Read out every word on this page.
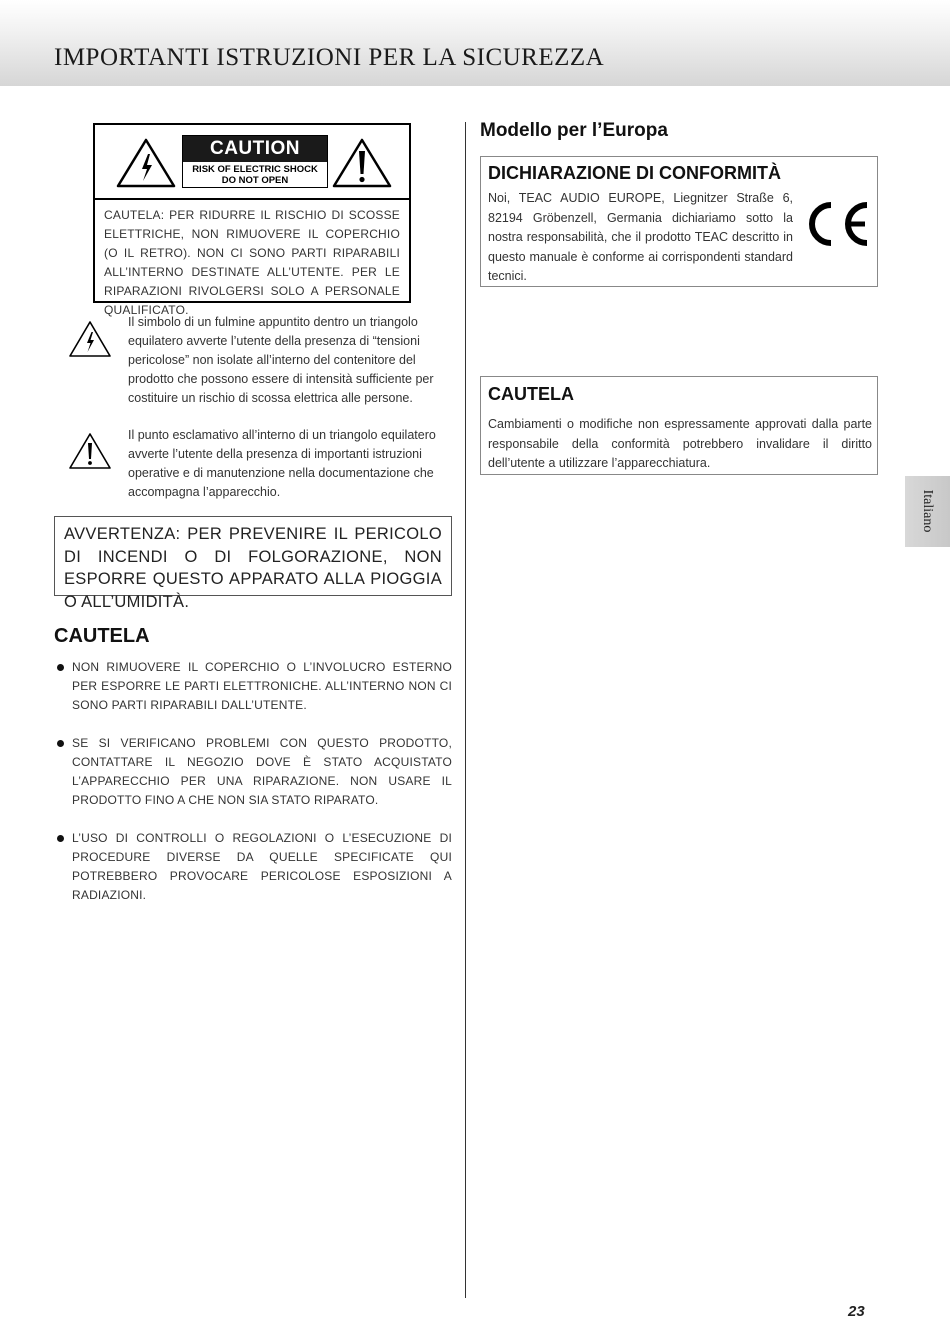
IMPORTANTI ISTRUZIONI PER LA SICUREZZA
CAUTION
RISK OF ELECTRIC SHOCK
DO NOT OPEN

CAUTELA: PER RIDURRE IL RISCHIO DI SCOSSE ELETTRICHE, NON RIMUOVERE IL COPERCHIO (O IL RETRO). NON CI SONO PARTI RIPARABILI ALL’INTERNO DESTINATE ALL’UTENTE. PER LE RIPARAZIONI RIVOLGERSI SOLO A PERSONALE QUALIFICATO.

Il simbolo di un fulmine appuntito dentro un triangolo equilatero avverte l’utente della presenza di “tensioni pericolose” non isolate all’interno del contenitore del prodotto che possono essere di intensità sufficiente per costituire un rischio di scossa elettrica alle persone.

Il punto esclamativo all’interno di un triangolo equilatero avverte l’utente della presenza di importanti istruzioni operative e di manutenzione nella documentazione che accompagna l’apparecchio.

AVVERTENZA: PER PREVENIRE IL PERICOLO DI INCENDI O DI FOLGORAZIONE, NON ESPORRE QUESTO APPARATO ALLA PIOGGIA O ALL’UMIDITÀ.

CAUTELA

NON RIMUOVERE IL COPERCHIO O L’INVOLUCRO ESTERNO PER ESPORRE LE PARTI ELETTRONICHE. ALL’INTERNO NON CI SONO PARTI RIPARABILI DALL’UTENTE.

SE SI VERIFICANO PROBLEMI CON QUESTO PRODOTTO, CONTATTARE IL NEGOZIO DOVE È STATO ACQUISTATO L’APPARECCHIO PER UNA RIPARAZIONE. NON USARE IL PRODOTTO FINO A CHE NON SIA STATO RIPARATO.

L’USO DI CONTROLLI O REGOLAZIONI O L’ESECUZIONE DI PROCEDURE DIVERSE DA QUELLE SPECIFICATE QUI POTREBBERO PROVOCARE PERICOLOSE ESPOSIZIONI A RADIAZIONI.

Modello per l’Europa
DICHIARAZIONE DI CONFORMITÀ

Noi, TEAC AUDIO EUROPE, Liegnitzer Straße 6, 82194 Gröbenzell, Germania dichiariamo sotto la nostra responsabilità, che il prodotto TEAC descritto in questo manuale è conforme ai corrispondenti standard tecnici.

CAUTELA

Cambiamenti o modifiche non espressamente approvati dalla parte responsabile della conformità potrebbero invalidare il diritto dell’utente a utilizzare l’apparecchiatura.

Italiano

23
